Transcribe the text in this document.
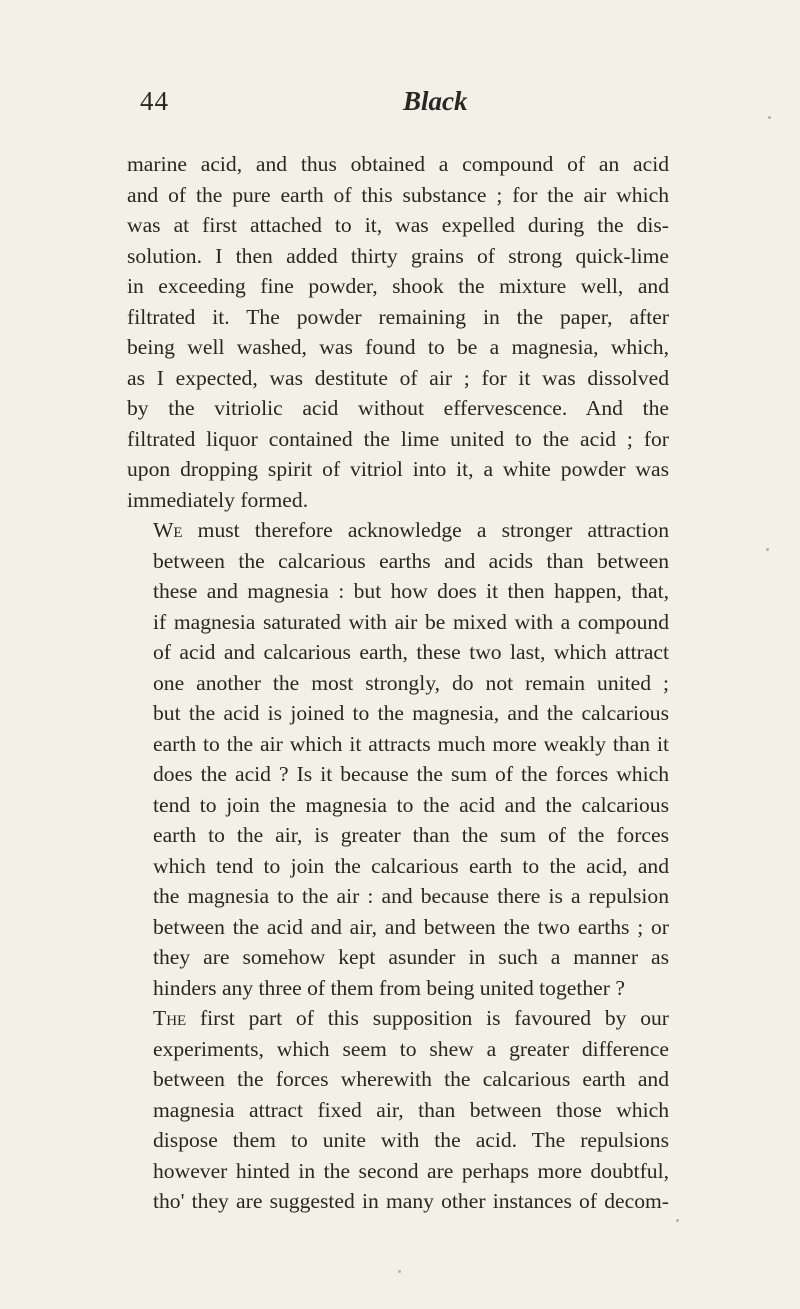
44	Black

marine acid, and thus obtained a compound of an acid
and of the pure earth of this substance ; for the air which
was at first attached to it, was expelled during the dis-
solution. I then added thirty grains of strong quick-lime
in exceeding fine powder, shook the mixture well, and
filtrated it. The powder remaining in the paper, after
being well washed, was found to be a magnesia, which,
as I expected, was destitute of air ; for it was dissolved
by the vitriolic acid without effervescence. And the
filtrated liquor contained the lime united to the acid ; for
upon dropping spirit of vitriol into it, a white powder was
immediately formed.

We must therefore acknowledge a stronger attraction
between the calcarious earths and acids than between
these and magnesia : but how does it then happen, that,
if magnesia saturated with air be mixed with a compound
of acid and calcarious earth, these two last, which attract
one another the most strongly, do not remain united ;
but the acid is joined to the magnesia, and the calcarious
earth to the air which it attracts much more weakly than it
does the acid ? Is it because the sum of the forces which
tend to join the magnesia to the acid and the calcarious
earth to the air, is greater than the sum of the forces
which tend to join the calcarious earth to the acid, and
the magnesia to the air : and because there is a repulsion
between the acid and air, and between the two earths ; or
they are somehow kept asunder in such a manner as
hinders any three of them from being united together ?

The first part of this supposition is favoured by our
experiments, which seem to shew a greater difference
between the forces wherewith the calcarious earth and
magnesia attract fixed air, than between those which
dispose them to unite with the acid. The repulsions
however hinted in the second are perhaps more doubtful,
tho' they are suggested in many other instances of decom-
